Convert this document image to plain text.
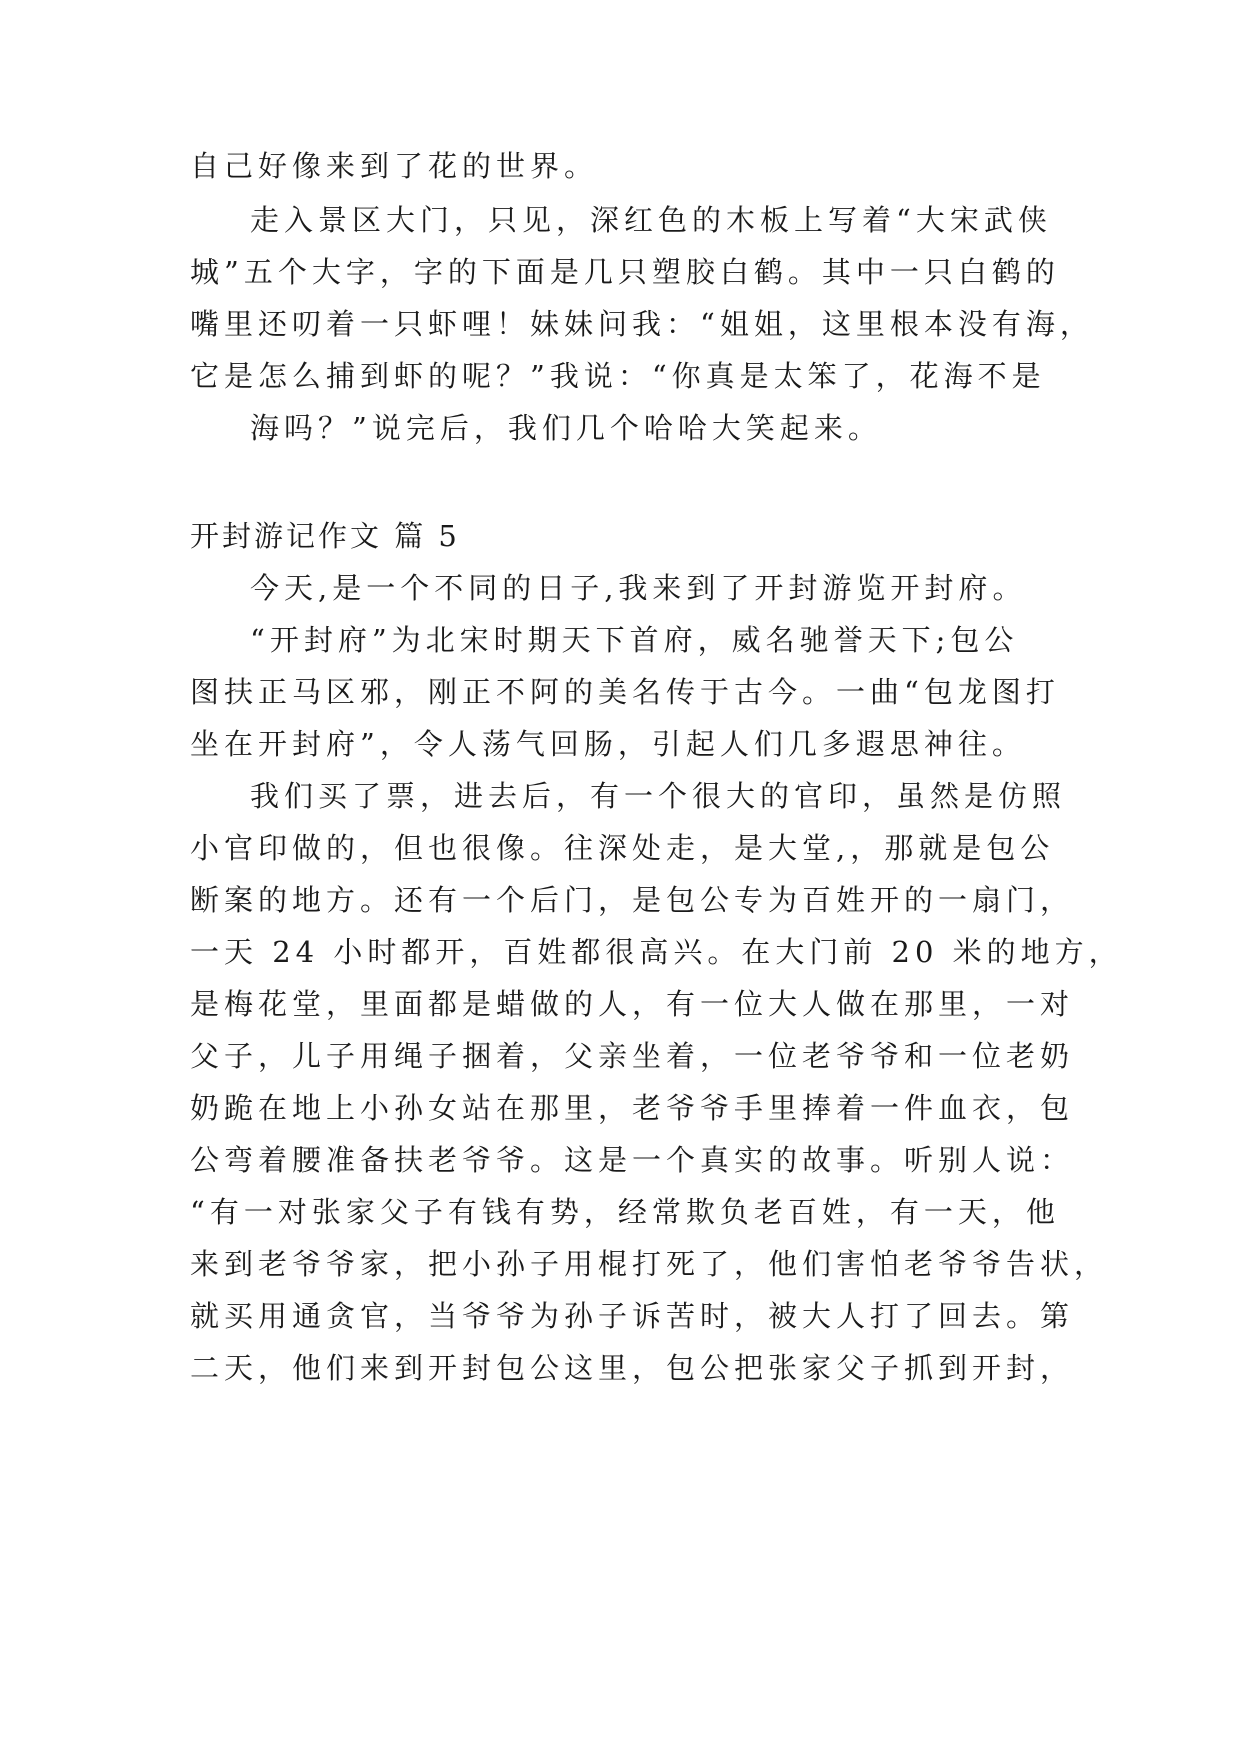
自己好像来到了花的世界。
走入景区大门，只见，深红色的木板上写着“大宋武侠
城”五个大字，字的下面是几只塑胶白鹤。其中一只白鹤的
嘴里还叨着一只虾哩！妹妹问我：“姐姐，这里根本没有海，
它是怎么捕到虾的呢？”我说：“你真是太笨了，花海不是
海吗？”说完后，我们几个哈哈大笑起来。
开封游记作文 篇 5
今天,是一个不同的日子,我来到了开封游览开封府。
“开封府”为北宋时期天下首府，威名驰誉天下;包公
图扶正马区邪，刚正不阿的美名传于古今。一曲“包龙图打
坐在开封府”，令人荡气回肠，引起人们几多遐思神往。
我们买了票，进去后，有一个很大的官印，虽然是仿照
小官印做的，但也很像。往深处走，是大堂,，那就是包公
断案的地方。还有一个后门，是包公专为百姓开的一扇门，
一天 24 小时都开，百姓都很高兴。在大门前 20 米的地方，
是梅花堂，里面都是蜡做的人，有一位大人做在那里，一对
父子，儿子用绳子捆着，父亲坐着，一位老爷爷和一位老奶
奶跪在地上小孙女站在那里，老爷爷手里捧着一件血衣，包
公弯着腰准备扶老爷爷。这是一个真实的故事。听别人说：
“有一对张家父子有钱有势，经常欺负老百姓，有一天，他
来到老爷爷家，把小孙子用棍打死了，他们害怕老爷爷告状，
就买用通贪官，当爷爷为孙子诉苦时，被大人打了回去。第
二天，他们来到开封包公这里，包公把张家父子抓到开封，
